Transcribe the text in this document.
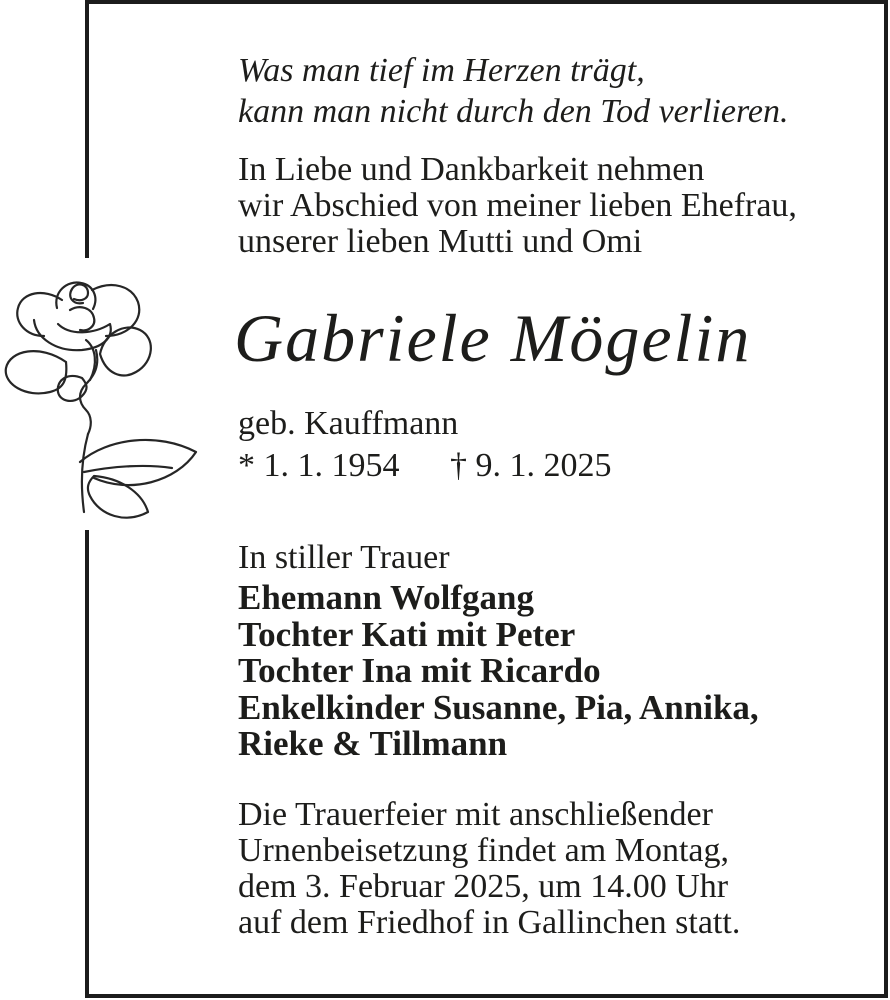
Was man tief im Herzen trägt,
kann man nicht durch den Tod verlieren.
In Liebe und Dankbarkeit nehmen
wir Abschied von meiner lieben Ehefrau,
unserer lieben Mutti und Omi
Gabriele Mögelin
geb. Kauffmann
* 1. 1. 1954 † 9. 1. 2025
In stiller Trauer
Ehemann Wolfgang
Tochter Kati mit Peter
Tochter Ina mit Ricardo
Enkelkinder Susanne, Pia, Annika,
Rieke & Tillmann
Die Trauerfeier mit anschließender
Urnenbeisetzung findet am Montag,
dem 3. Februar 2025, um 14.00 Uhr
auf dem Friedhof in Gallinchen statt.
